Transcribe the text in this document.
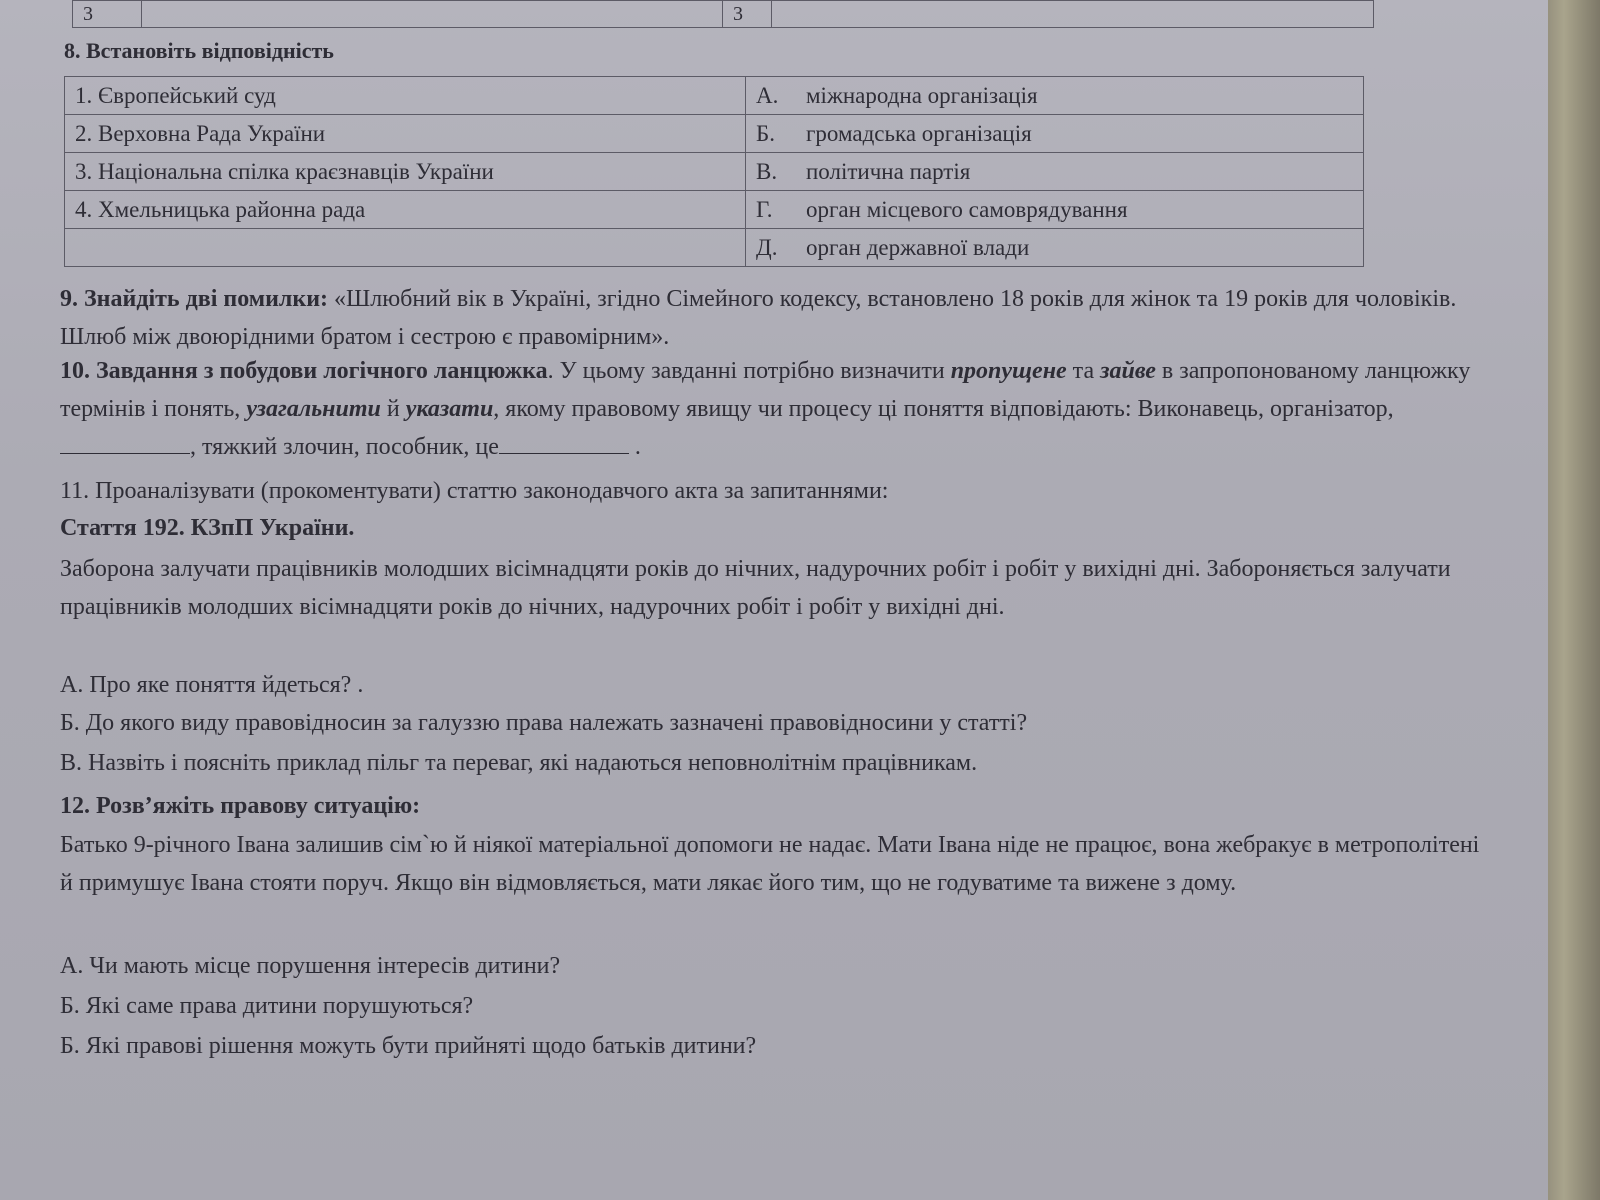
3		3	
8. Встановіть відповідність
1. Європейський суд	А. міжнародна організація
2. Верховна Рада України	Б. громадська організація
3. Національна спілка краєзнавців України	В. політична партія
4. Хмельницька районна рада	Г. орган місцевого самоврядування
	Д. орган державної влади
9. Знайдіть дві помилки: «Шлюбний вік в Україні, згідно Сімейного кодексу, встановлено 18 років для жінок та 19 років для чоловіків. Шлюб між двоюрідними братом і сестрою є правомірним».
10. Завдання з побудови логічного ланцюжка. У цьому завданні потрібно визначити пропущене та зайве в запропонованому ланцюжку термінів і понять, узагальнити й указати, якому правовому явищу чи процесу ці поняття відповідають: Виконавець, організатор, , тяжкий злочин, пособник, це	.
11. Проаналізувати (прокоментувати) статтю законодавчого акта за запитаннями:
Стаття 192. КЗпП України.
Заборона залучати працівників молодших вісімнадцяти років до нічних, надурочних робіт і робіт у вихідні дні. Забороняється залучати працівників молодших вісімнадцяти років до нічних, надурочних робіт і робіт у вихідні дні.
А. Про яке поняття йдеться? .
Б. До якого виду правовідносин за галуззю права належать зазначені правовідносини у статті?
В. Назвіть і поясніть приклад пільг та переваг, які надаються неповнолітнім працівникам.
12. Розв’яжіть правову ситуацію:
Батько 9-річного Івана залишив сім`ю й ніякої матеріальної допомоги не надає. Мати Івана ніде не працює, вона жебракує в метрополітені й примушує Івана стояти поруч. Якщо він відмовляється, мати лякає його тим, що не годуватиме та вижене з дому.
А. Чи мають місце порушення інтересів дитини?
Б. Які саме права дитини порушуються?
Б. Які правові рішення можуть бути прийняті щодо батьків дитини?
